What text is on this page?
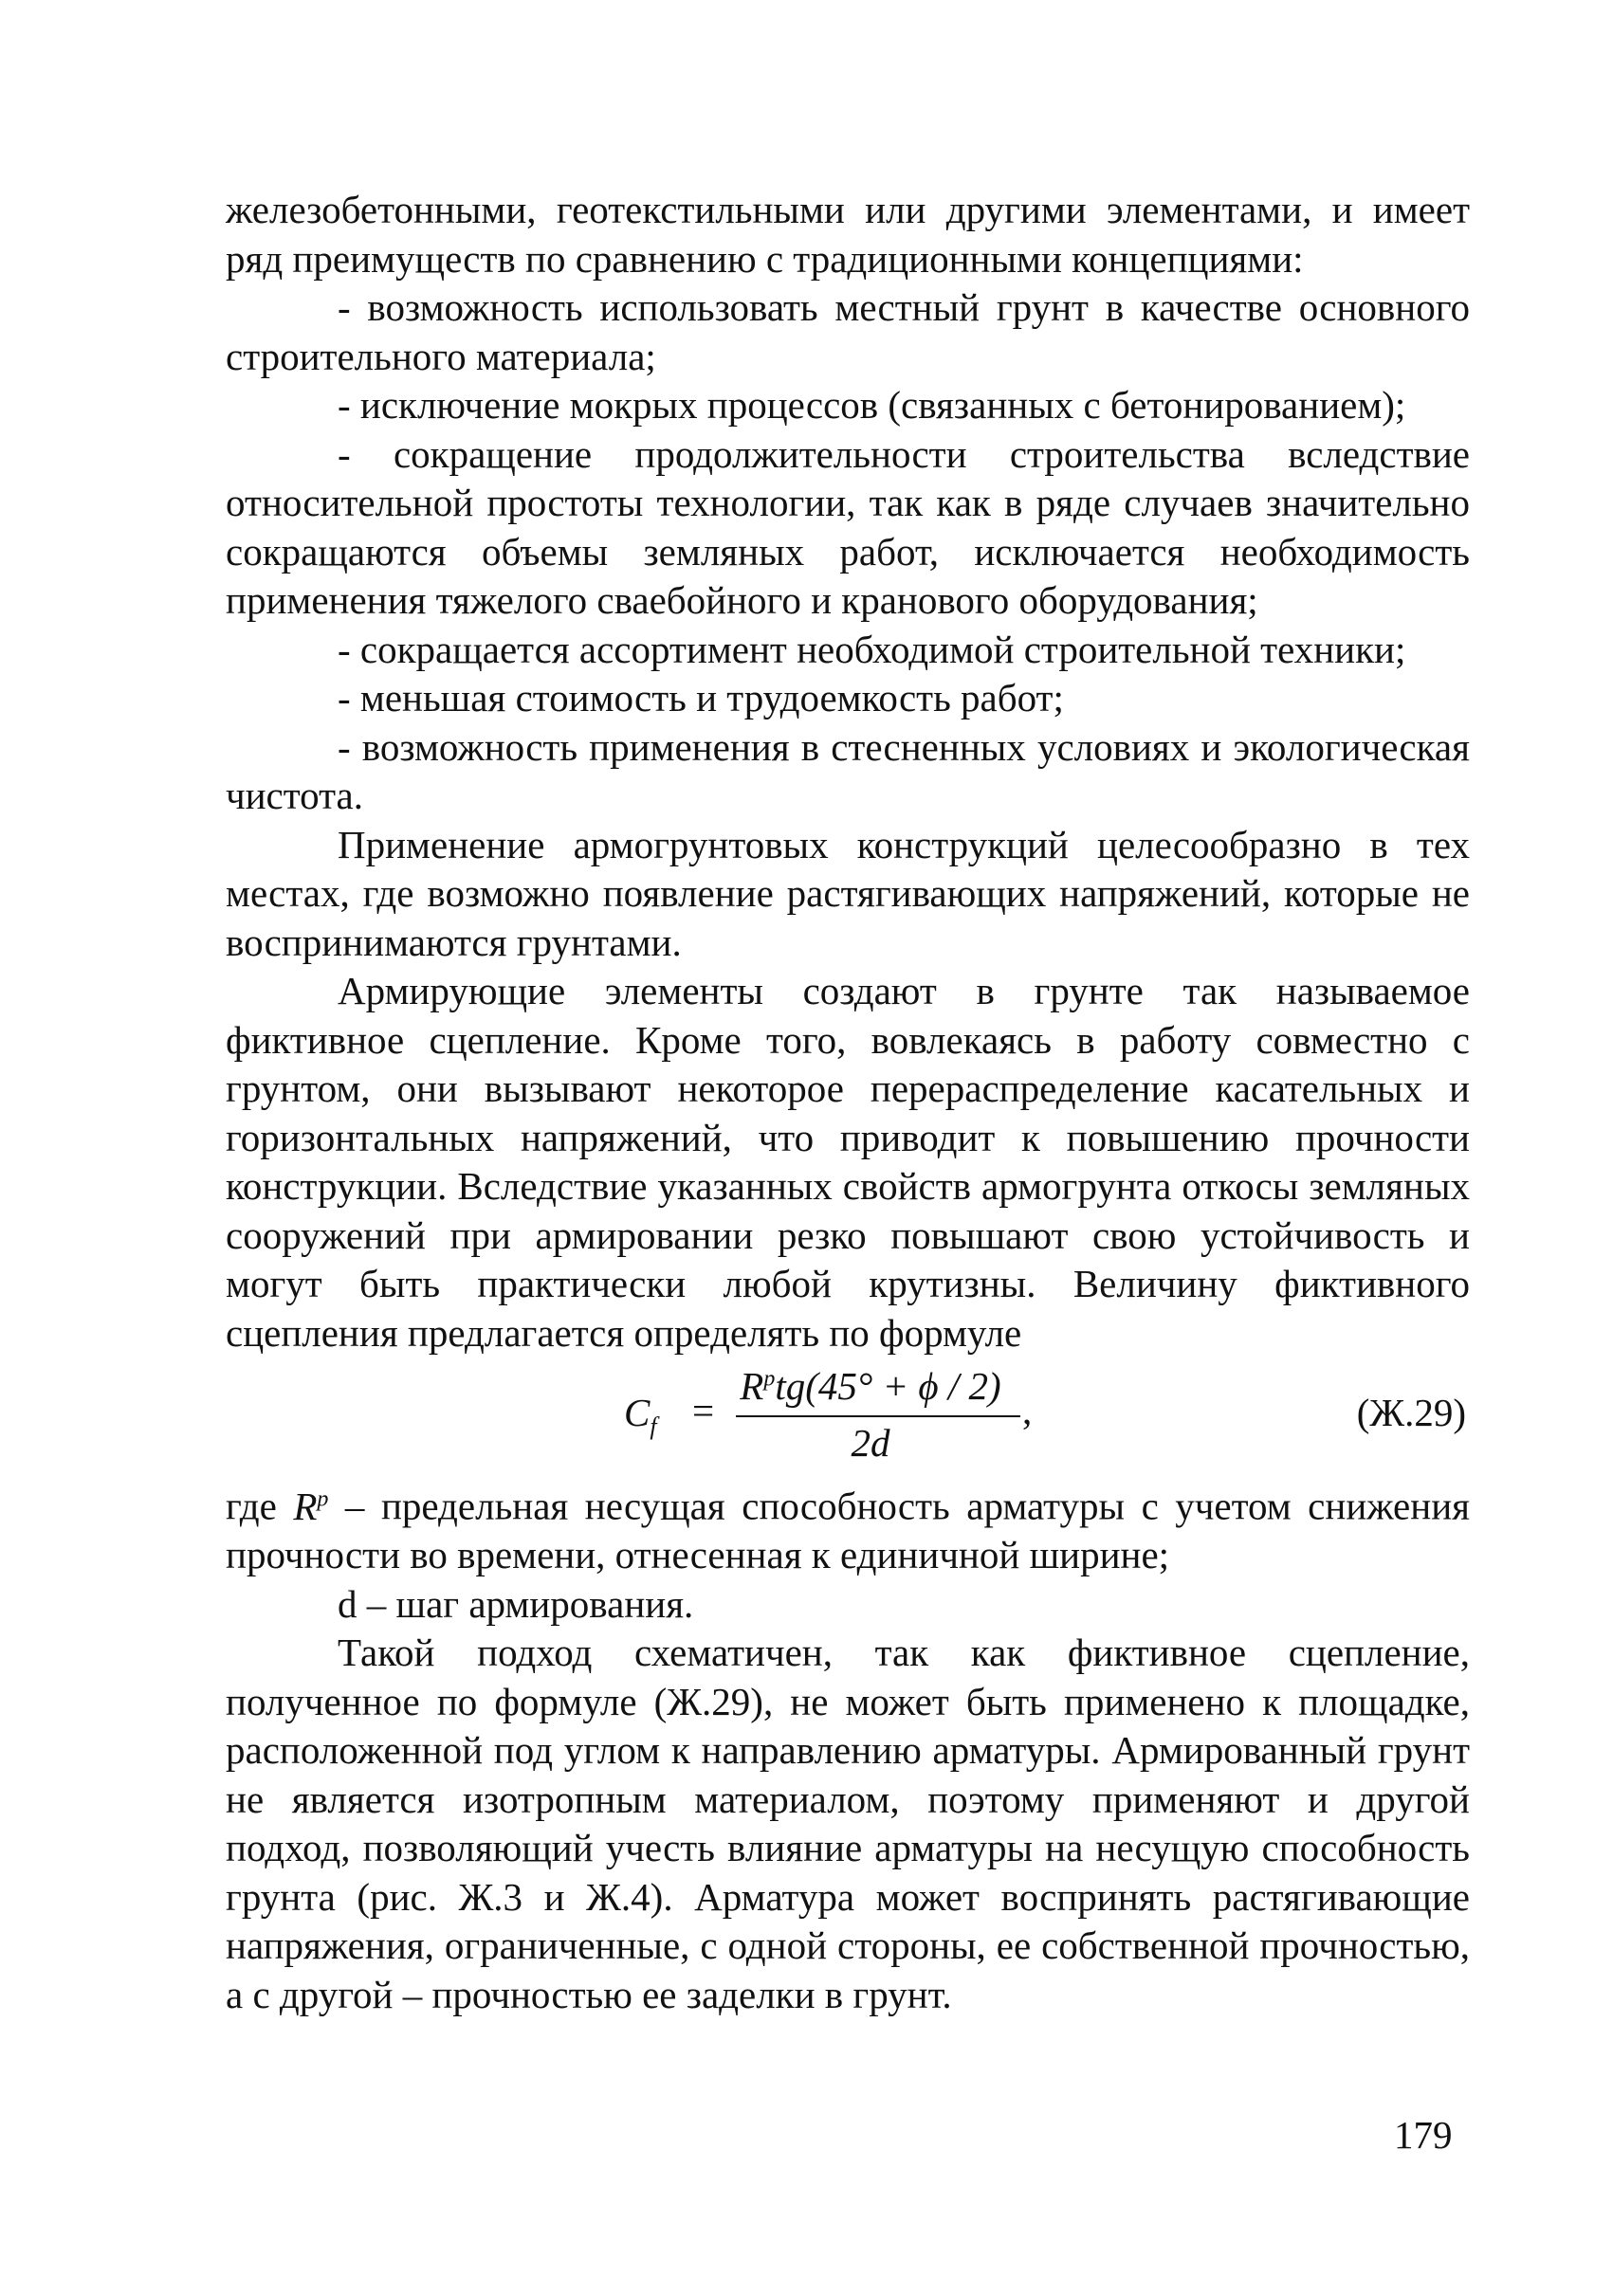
железобетонными, геотекстильными или другими элементами, и имеет ряд преимуществ по сравнению с традиционными концепциями:

- возможность использовать местный грунт в качестве основного строительного материала;

- исключение мокрых процессов (связанных с бетонированием);

- сокращение продолжительности строительства вследствие относительной простоты технологии, так как в ряде случаев значительно сокращаются объемы земляных работ, исключается необходимость применения тяжелого сваебойного и кранового оборудования;

- сокращается ассортимент необходимой строительной техники;

- меньшая стоимость и трудоемкость работ;

- возможность применения в стесненных условиях и экологическая чистота.

Применение армогрунтовых конструкций целесообразно в тех местах, где возможно появление растягивающих напряжений, которые не воспринимаются грунтами.

Армирующие элементы создают в грунте так называемое фиктивное сцепление. Кроме того, вовлекаясь в работу совместно с грунтом, они вызывают некоторое перераспределение касательных и горизонтальных напряжений, что приводит к повышению прочности конструкции. Вследствие указанных свойств армогрунта откосы земляных сооружений при армировании резко повышают свою устойчивость и могут быть практически любой крутизны. Величину фиктивного сцепления предлагается определять по формуле

$C_f$ =
$R^ptg(45^\circ + \phi / 2)$
2d
,	(Ж.29)

где $R^p$ – предельная несущая способность арматуры с учетом снижения прочности во времени, отнесенная к единичной ширине;

d – шаг армирования.

Такой подход схематичен, так как фиктивное сцепление, полученное по формуле (Ж.29), не может быть применено к площадке, расположенной под углом к направлению арматуры. Армированный грунт не является изотропным материалом, поэтому применяют и другой подход, позволяющий учесть влияние арматуры на несущую способность грунта (рис. Ж.3 и Ж.4). Арматура может воспринять растягивающие напряжения, ограниченные, с одной стороны, ее собственной прочностью, а с другой – прочностью ее заделки в грунт.

179
